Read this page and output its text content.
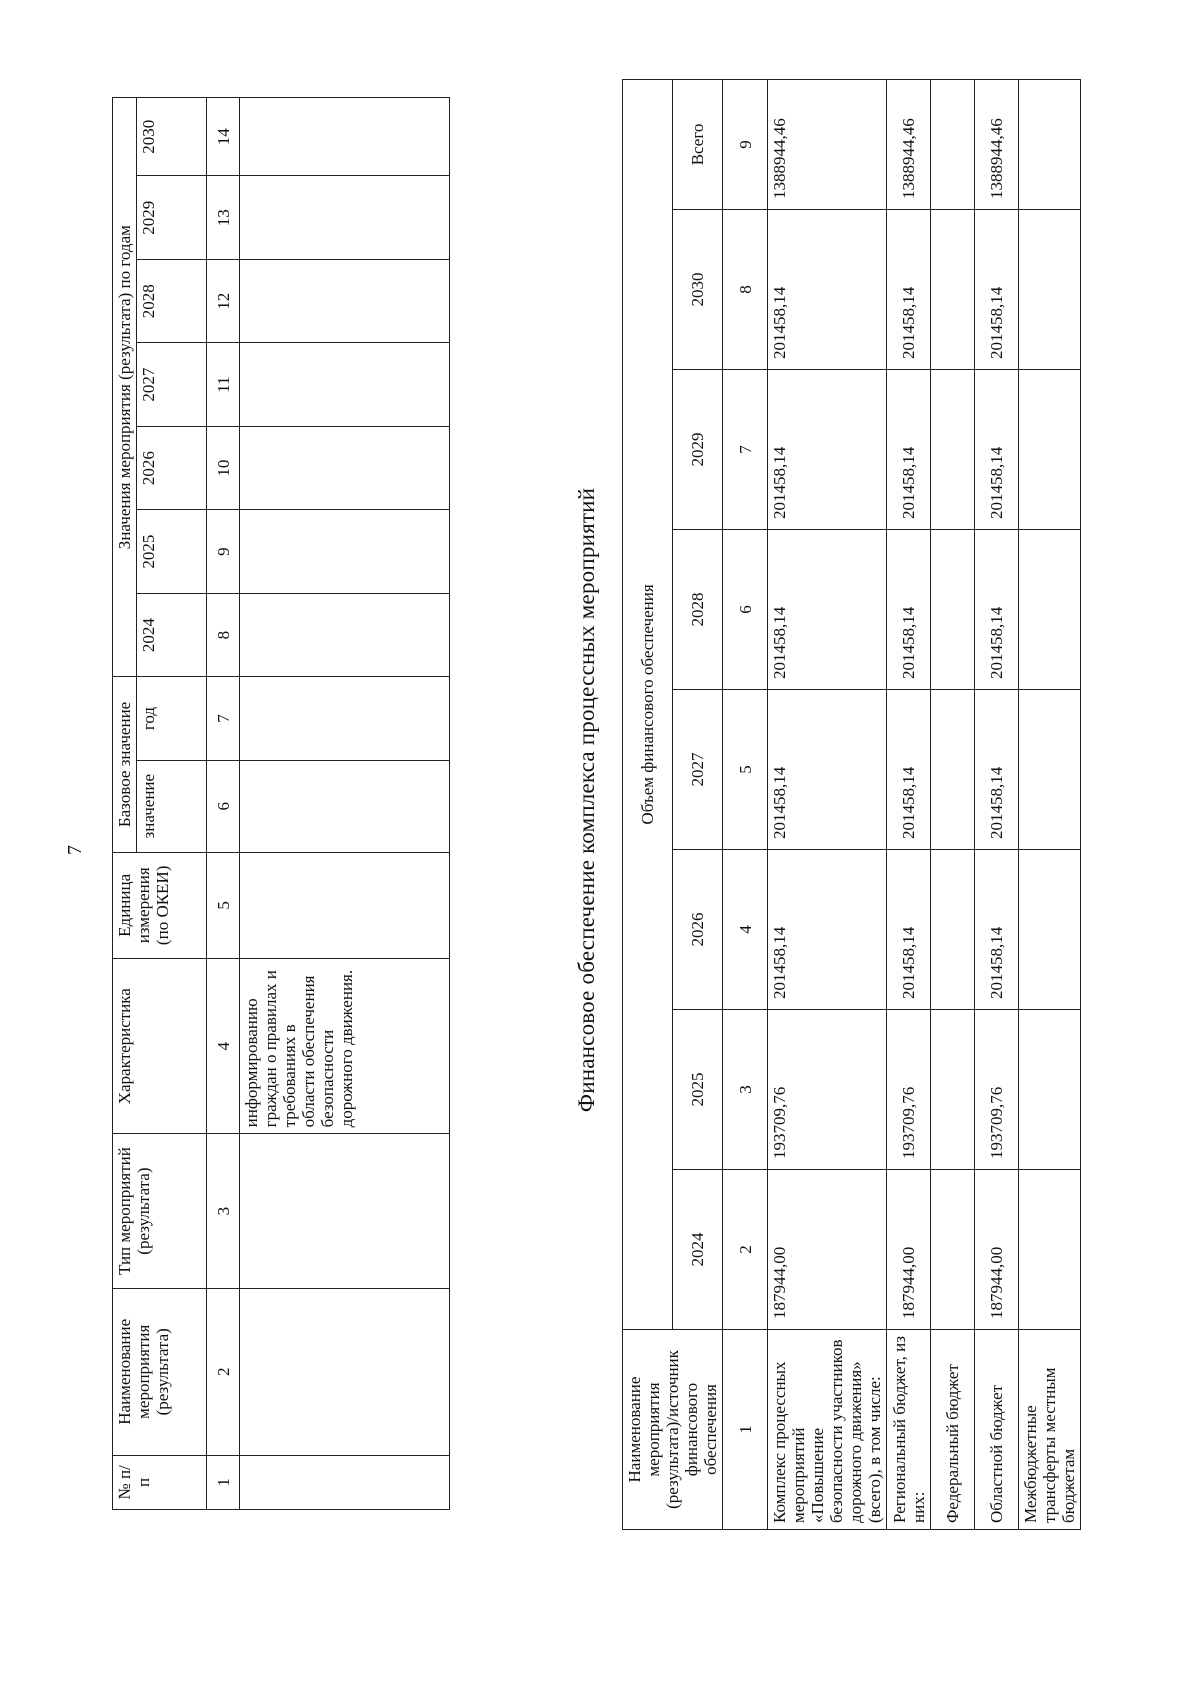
7
№ п/п	Наименование мероприятия (результата)	Тип мероприятий (результата)	Характеристика	Единица измерения (по ОКЕИ)	Базовое значение		Значения мероприятия (результата) по годам						
					значение	год	2024	2025	2026	2027	2028	2029	2030
1	2	3	4	5	6	7	8	9	10	11	12	13	14
			информированию граждан о правилах и требованиях в области обеспечения безопасности дорожного движения.											Финансовое обеспечение комплекса процессных мероприятий
Наименование мероприятия (результата)/источник финансового обеспечения	Объем финансового обеспечения							
	2024	2025	2026	2027	2028	2029	2030	Всего
1	2	3	4	5	6	7	8	9
Комплекс процессных мероприятий «Повышение безопасности участников дорожного движения» (всего), в том числе:	187944,00	193709,76	201458,14	201458,14	201458,14	201458,14	201458,14	1388944,46
Региональный бюджет, из них:	187944,00	193709,76	201458,14	201458,14	201458,14	201458,14	201458,14	1388944,46
Федеральный бюджет								
Областной бюджет	187944,00	193709,76	201458,14	201458,14	201458,14	201458,14	201458,14	1388944,46
Межбюджетные трансферты местным бюджетам								
